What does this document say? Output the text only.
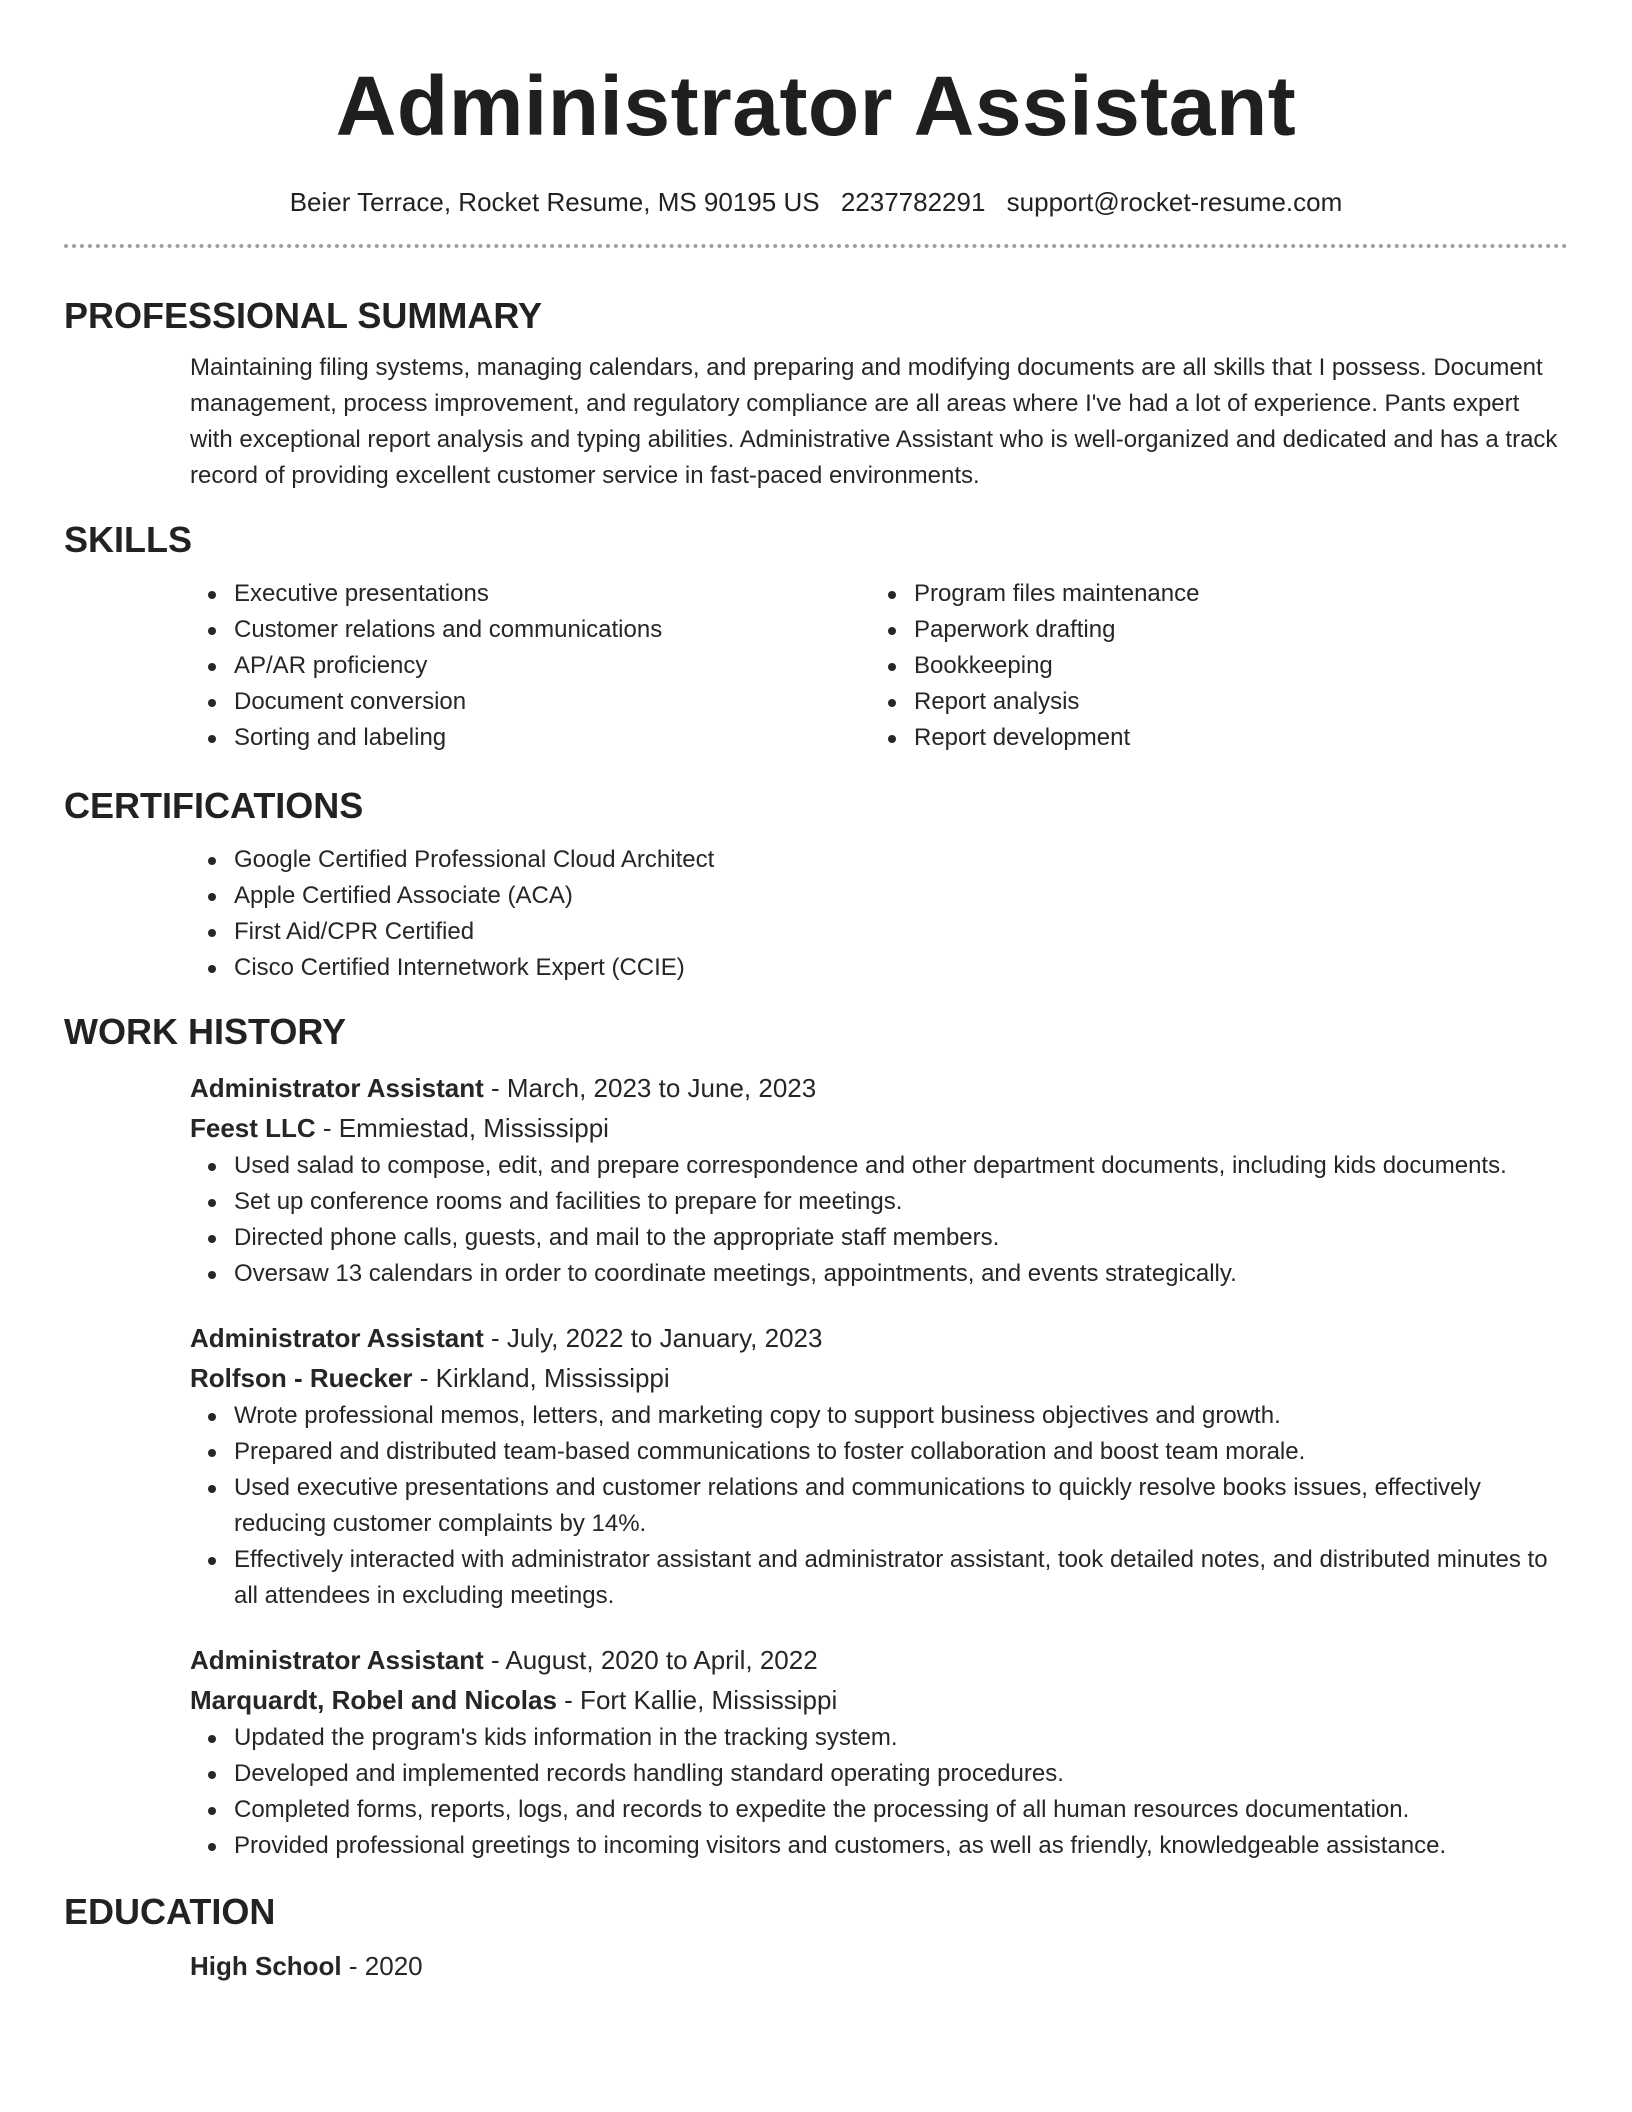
Administrator Assistant
Beier Terrace, Rocket Resume, MS 90195 US 2237782291 support@rocket-resume.com
PROFESSIONAL SUMMARY
Maintaining filing systems, managing calendars, and preparing and modifying documents are all skills that I possess. Document management, process improvement, and regulatory compliance are all areas where I've had a lot of experience. Pants expert with exceptional report analysis and typing abilities. Administrative Assistant who is well-organized and dedicated and has a track record of providing excellent customer service in fast-paced environments.
SKILLS
Executive presentations
Customer relations and communications
AP/AR proficiency
Document conversion
Sorting and labeling
Program files maintenance
Paperwork drafting
Bookkeeping
Report analysis
Report development
CERTIFICATIONS
Google Certified Professional Cloud Architect
Apple Certified Associate (ACA)
First Aid/CPR Certified
Cisco Certified Internetwork Expert (CCIE)
WORK HISTORY
Administrator Assistant - March, 2023 to June, 2023
Feest LLC - Emmiestad, Mississippi
Used salad to compose, edit, and prepare correspondence and other department documents, including kids documents.
Set up conference rooms and facilities to prepare for meetings.
Directed phone calls, guests, and mail to the appropriate staff members.
Oversaw 13 calendars in order to coordinate meetings, appointments, and events strategically.
Administrator Assistant - July, 2022 to January, 2023
Rolfson - Ruecker - Kirkland, Mississippi
Wrote professional memos, letters, and marketing copy to support business objectives and growth.
Prepared and distributed team-based communications to foster collaboration and boost team morale.
Used executive presentations and customer relations and communications to quickly resolve books issues, effectively reducing customer complaints by 14%.
Effectively interacted with administrator assistant and administrator assistant, took detailed notes, and distributed minutes to all attendees in excluding meetings.
Administrator Assistant - August, 2020 to April, 2022
Marquardt, Robel and Nicolas - Fort Kallie, Mississippi
Updated the program's kids information in the tracking system.
Developed and implemented records handling standard operating procedures.
Completed forms, reports, logs, and records to expedite the processing of all human resources documentation.
Provided professional greetings to incoming visitors and customers, as well as friendly, knowledgeable assistance.
EDUCATION
High School - 2020
